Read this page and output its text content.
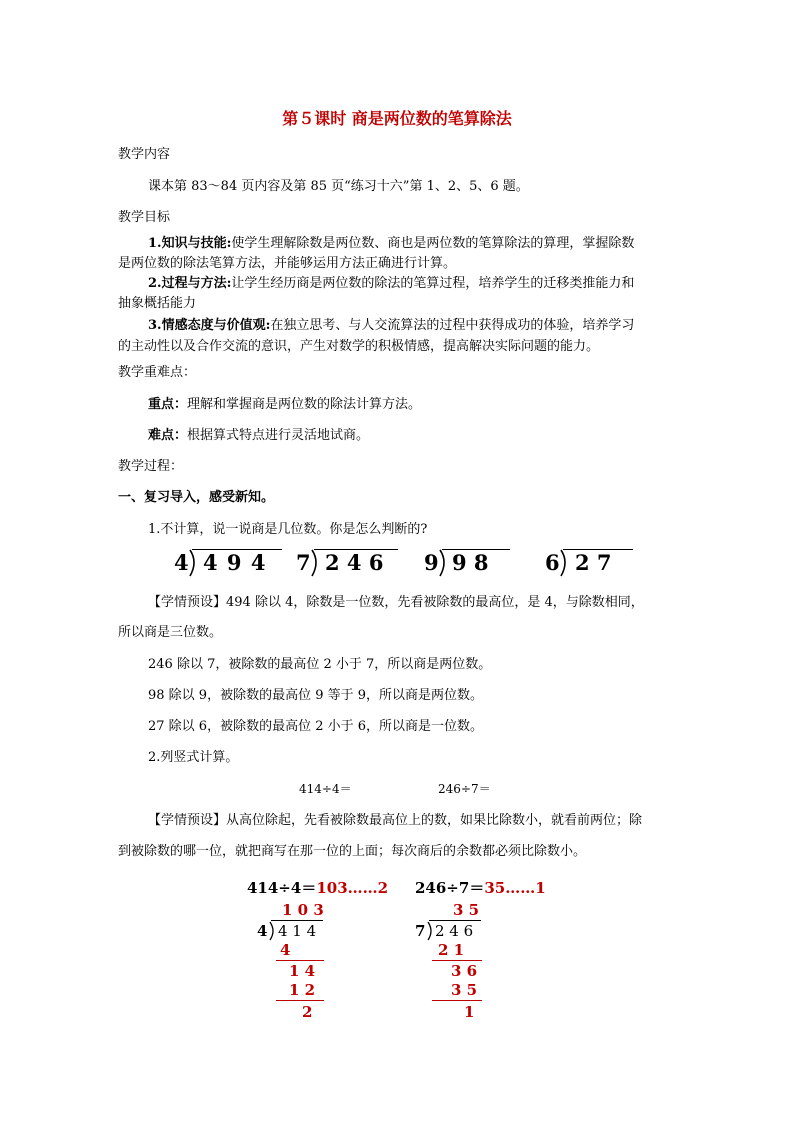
第５课时 商是两位数的笔算除法
教学内容
课本第 83～84 页内容及第 85 页“练习十六”第 1、2、5、6 题。
教学目标
1.知识与技能:使学生理解除数是两位数、商也是两位数的笔算除法的算理，掌握除数
是两位数的除法笔算方法，并能够运用方法正确进行计算。
2.过程与方法:让学生经历商是两位数的除法的笔算过程，培养学生的迁移类推能力和
抽象概括能力
3.情感态度与价值观:在独立思考、与人交流算法的过程中获得成功的体验，培养学习
的主动性以及合作交流的意识，产生对数学的积极情感，提高解决实际问题的能力。
教学重难点：
重点：理解和掌握商是两位数的除法计算方法。
难点：根据算式特点进行灵活地试商。
教学过程：
一、复习导入，感受新知。
1.不计算，说一说商是几位数。你是怎么判断的?
4 4 9 4 7 2 4 6 9 9 8	6 2 7
【学情预设】494 除以 4，除数是一位数，先看被除数的最高位，是 4，与除数相同，
所以商是三位数。
246 除以 7，被除数的最高位 2 小于 7，所以商是两位数。
98 除以 9，被除数的最高位 9 等于 9，所以商是两位数。
27 除以 6，被除数的最高位 2 小于 6，所以商是一位数。
2.列竖式计算。
414÷4＝	246÷7＝
【学情预设】从高位除起，先看被除数最高位上的数，如果比除数小，就看前两位；除
到被除数的哪一位，就把商写在那一位的上面；每次商后的余数都必须比除数小。
414÷4＝103……2
1 0 3
4 4 1 4
4
1 4
1 2
2
246÷7＝35……1
3 5
7 2 4 6
2 1
3 6
3 5
1
